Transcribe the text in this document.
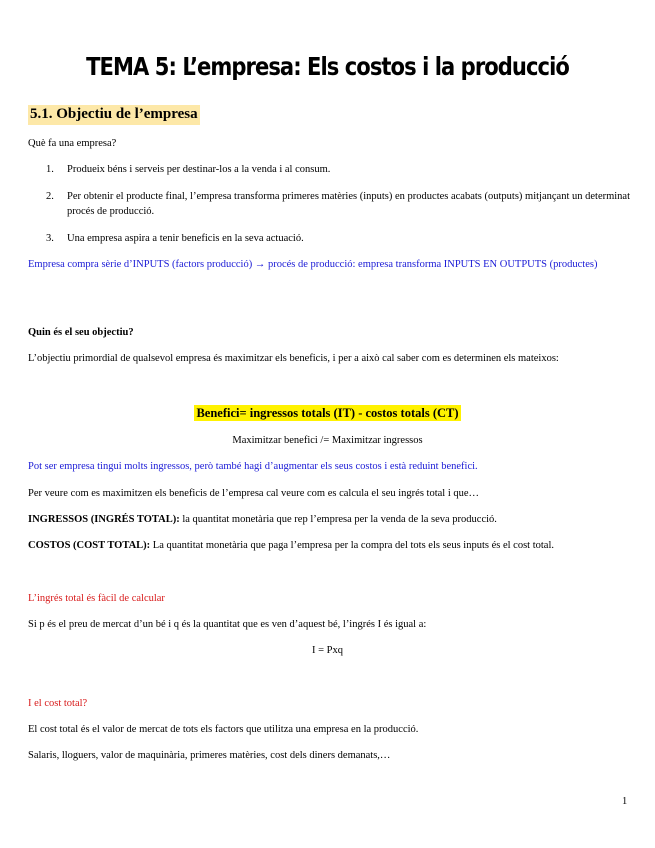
TEMA 5: L’empresa: Els costos i la producció
5.1. Objectiu de l’empresa

Què fa una empresa?

1. Produeix béns i serveis per destinar-los a la venda i al consum.
2. Per obtenir el producte final, l’empresa transforma primeres matèries (inputs) en productes acabats (outputs) mitjançant un determinat procés de producció.
3. Una empresa aspira a tenir beneficis en la seva actuació.

Empresa compra sèrie d’INPUTS (factors producció) → procés de producció: empresa transforma INPUTS EN OUTPUTS (productes)

Quin és el seu objectiu?

L’objectiu primordial de qualsevol empresa és maximitzar els beneficis, i per a això cal saber com es determinen els mateixos:

Benefici= ingressos totals (IT) - costos totals (CT)

Maximitzar benefici /= Maximitzar ingressos

Pot ser empresa tingui molts ingressos, però també hagi d’augmentar els seus costos i està reduint benefici.

Per veure com es maximitzen els beneficis de l’empresa cal veure com es calcula el seu ingrés total i que…

INGRESSOS (INGRÉS TOTAL): la quantitat monetària que rep l’empresa per la venda de la seva producció.

COSTOS (COST TOTAL): La quantitat monetària que paga l’empresa per la compra del tots els seus inputs és el cost total.

L’ingrés total és fàcil de calcular

Si p és el preu de mercat d’un bé i q és la quantitat que es ven d’aquest bé, l’ingrés I és igual a:

I = Pxq

I el cost total?

El cost total és el valor de mercat de tots els factors que utilitza una empresa en la producció.

Salaris, lloguers, valor de maquinària, primeres matèries, cost dels diners demanats,…

1
